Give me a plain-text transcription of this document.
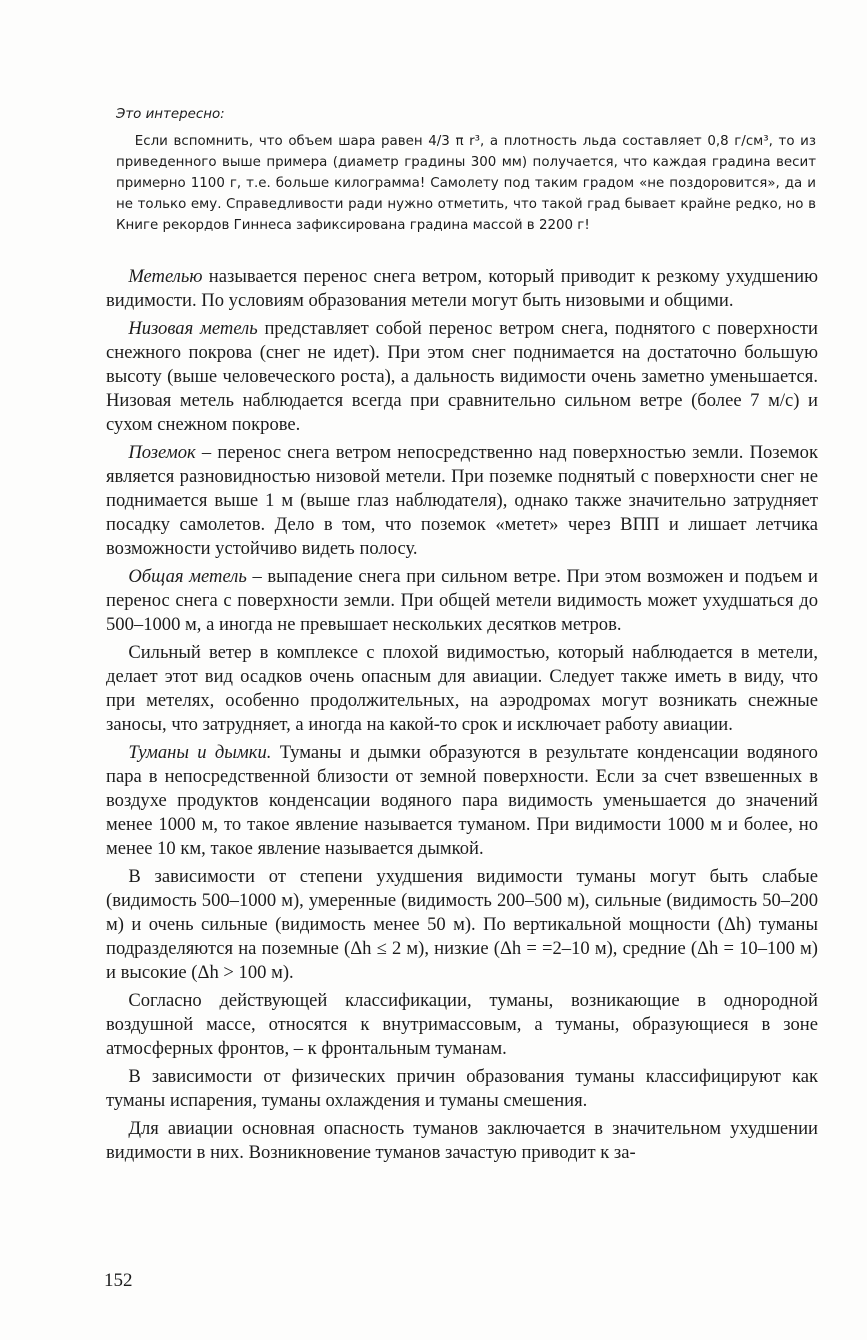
Это интересно:

Если вспомнить, что объем шара равен 4/3 π r³, а плотность льда составляет 0,8 г/см³, то из приведенного выше примера (диаметр градины 300 мм) получается, что каждая градина весит примерно 1100 г, т.е. больше килограмма! Самолету под таким градом «не поздоровится», да и не только ему. Справедливости ради нужно отметить, что такой град бывает крайне редко, но в Книге рекордов Гиннеса зафиксирована градина массой в 2200 г!

Метелью называется перенос снега ветром, который приводит к резкому ухудшению видимости. По условиям образования метели могут быть низовыми и общими.

Низовая метель представляет собой перенос ветром снега, поднятого с поверхности снежного покрова (снег не идет). При этом снег поднимается на достаточно большую высоту (выше человеческого роста), а дальность видимости очень заметно уменьшается. Низовая метель наблюдается всегда при сравнительно сильном ветре (более 7 м/с) и сухом снежном покрове.

Поземок – перенос снега ветром непосредственно над поверхностью земли. Поземок является разновидностью низовой метели. При поземке поднятый с поверхности снег не поднимается выше 1 м (выше глаз наблюдателя), однако также значительно затрудняет посадку самолетов. Дело в том, что поземок «метет» через ВПП и лишает летчика возможности устойчиво видеть полосу.

Общая метель – выпадение снега при сильном ветре. При этом возможен и подъем и перенос снега с поверхности земли. При общей метели видимость может ухудшаться до 500–1000 м, а иногда не превышает нескольких десятков метров.

Сильный ветер в комплексе с плохой видимостью, который наблюдается в метели, делает этот вид осадков очень опасным для авиации. Следует также иметь в виду, что при метелях, особенно продолжительных, на аэродромах могут возникать снежные заносы, что затрудняет, а иногда на какой-то срок и исключает работу авиации.

Туманы и дымки. Туманы и дымки образуются в результате конденсации водяного пара в непосредственной близости от земной поверхности. Если за счет взвешенных в воздухе продуктов конденсации водяного пара видимость уменьшается до значений менее 1000 м, то такое явление называется туманом. При видимости 1000 м и более, но менее 10 км, такое явление называется дымкой.

В зависимости от степени ухудшения видимости туманы могут быть слабые (видимость 500–1000 м), умеренные (видимость 200–500 м), сильные (видимость 50–200 м) и очень сильные (видимость менее 50 м). По вертикальной мощности (Δh) туманы подразделяются на поземные (Δh ≤ 2 м), низкие (Δh = =2–10 м), средние (Δh = 10–100 м) и высокие (Δh > 100 м).

Согласно действующей классификации, туманы, возникающие в однородной воздушной массе, относятся к внутримассовым, а туманы, образующиеся в зоне атмосферных фронтов, – к фронтальным туманам.

В зависимости от физических причин образования туманы классифицируют как туманы испарения, туманы охлаждения и туманы смешения.

Для авиации основная опасность туманов заключается в значительном ухудшении видимости в них. Возникновение туманов зачастую приводит к за-

152
